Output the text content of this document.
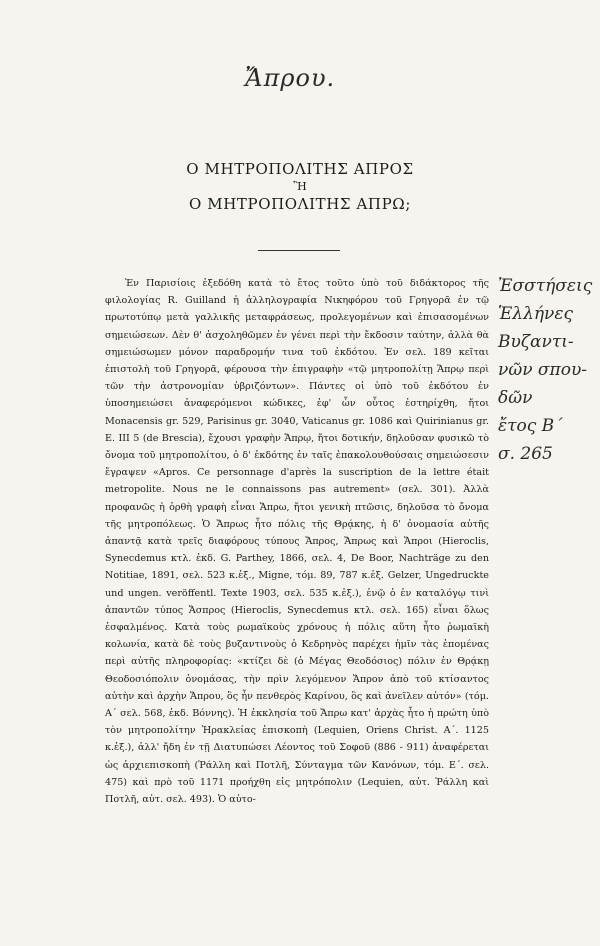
Ἄπρου.
Ο ΜΗΤΡΟΠΟΛΙΤΗΣ ΑΠΡΟΣ
Ἢ
Ο ΜΗΤΡΟΠΟΛΙΤΗΣ ΑΠΡΩ;
Ἐν Παρισίοις ἐξεδόθη κατὰ τὸ ἔτος τοῦτο ὑπὸ τοῦ διδάκτορος τῆς φιλολογίας R. Guilland ἡ ἀλληλογραφία Νικηφόρου τοῦ Γρηγορᾶ ἐν τῷ πρωτοτύπῳ μετὰ γαλλικῆς μεταφράσεως, προλεγομένων καὶ ἐπισασομένων σημειώσεων. Δὲν θ' ἀσχοληθῶμεν ἐν γένει περὶ τὴν ἔκδοσιν ταύτην, ἀλλὰ θὰ σημειώσωμεν μόνον παραδρομήν τινα τοῦ ἐκδότου. Ἐν σελ. 189 κεῖται ἐπιστολὴ τοῦ Γρηγορᾶ, φέρουσα τὴν ἐπιγραφὴν «τῷ μητροπολίτῃ Ἄπρῳ περὶ τῶν τὴν ἀστρονομίαν ὑβριζόντων». Πάντες οἱ ὑπὸ τοῦ ἐκδότου ἐν ὑποσημειώσει ἀναφερόμενοι κώδικες, ἐφ' ὧν οὗτος ἐστηρίχθη, ἤτοι Monacensis gr. 529, Parisinus gr. 3040, Vaticanus gr. 1086 καὶ Quirinianus gr. E. III 5 (de Brescia), ἔχουσι γραφὴν Ἄπρῳ, ἤτοι δοτικήν, δηλοῦσαν φυσικῶ τὸ ὄνομα τοῦ μητροπολίτου, ὁ δ' ἐκδότης ἐν ταῖς ἐπακολουθούσαις σημειώσεσιν ἔγραψεν «Apros. Ce personnage d'après la suscription de la lettre était metropolite. Nous ne le connaissons pas autrement» (σελ. 301). Ἀλλὰ προφανῶς ἡ ὀρθὴ γραφὴ εἶναι Ἄπρω, ἤτοι γενικὴ πτῶσις, δηλοῦσα τὸ ὄνομα τῆς μητροπόλεως. Ὁ Ἄπρως ἦτο πόλις τῆς Θρᾴκης, ἡ δ' ὀνομασία αὐτῆς ἀπαντᾷ κατὰ τρεῖς διαφόρους τύπους Ἄπρος, Ἄπρως καὶ Ἄπροι (Hierοclis, Synecdemus κτλ. ἐκδ. G. Parthey, 1866, σελ. 4, De Boor, Nachträge zu den Notitiae, 1891, σελ. 523 κ.ἑξ., Migne, τόμ. 89, 787 κ.ἑξ. Gelzer, Ungedruckte und ungen. veröffentl. Texte 1903, σελ. 535 κ.ἑξ.), ἐνῷ ὁ ἐν καταλόγῳ τινὶ ἀπαντῶν τύπος Ἄσπρος (Hierοclis, Synecdemus κτλ. σελ. 165) εἶναι ὅλως ἐσφαλμένος. Κατὰ τοὺς ρωμαϊκοὺς χρόνους ἡ πόλις αὕτη ἦτο ῥωμαϊκὴ κολωνία, κατὰ δὲ τοὺς βυζαντινοὺς ὁ Κεδρηνὸς παρέχει ἡμῖν τὰς ἑπομένας περὶ αὐτῆς πληροφορίας: «κτίζει δὲ (ὁ Μέγας Θεοδόσιος) πόλιν ἐν Θρᾴκῃ Θεοδοσιόπολιν ὀνομάσας, τὴν πρὶν λεγόμενον Ἄπρον ἀπὸ τοῦ κτίσαντος αὐτὴν καὶ ἀρχὴν Ἄπρου, ὃς ἦν πενθερὸς Καρίνου, ὃς καὶ ἀνεῖλεν αὐτόν» (τόμ. Α΄ σελ. 568, ἐκδ. Βόννης). Ἡ ἐκκλησία τοῦ Ἄπρω κατ' ἀρχὰς ἦτο ἡ πρώτη ὑπὸ τὸν μητροπολίτην Ἡρακλείας ἐπισκοπὴ (Lequien, Oriens Christ. Α΄. 1125 κ.ἑξ.), ἀλλ' ἤδη ἐν τῇ Διατυπώσει Λέοντος τοῦ Σοφοῦ (886 - 911) ἀναφέρεται ὡς ἀρχιεπισκοπὴ (Ῥάλλη καὶ Ποτλῆ, Σύνταγμα τῶν Κανόνων, τόμ. Ε΄. σελ. 475) καὶ πρὸ τοῦ 1171 προήχθη εἰς μητρόπολιν (Lequien, αὐτ. Ῥάλλη καὶ Ποτλῆ, αὐτ. σελ. 493). Ὁ αὐτο-
Ἐσστήσεις
Ἑλλήνες
Βυζαντι-
νῶν σπου-
δῶν
ἔτος Β΄
σ. 265
